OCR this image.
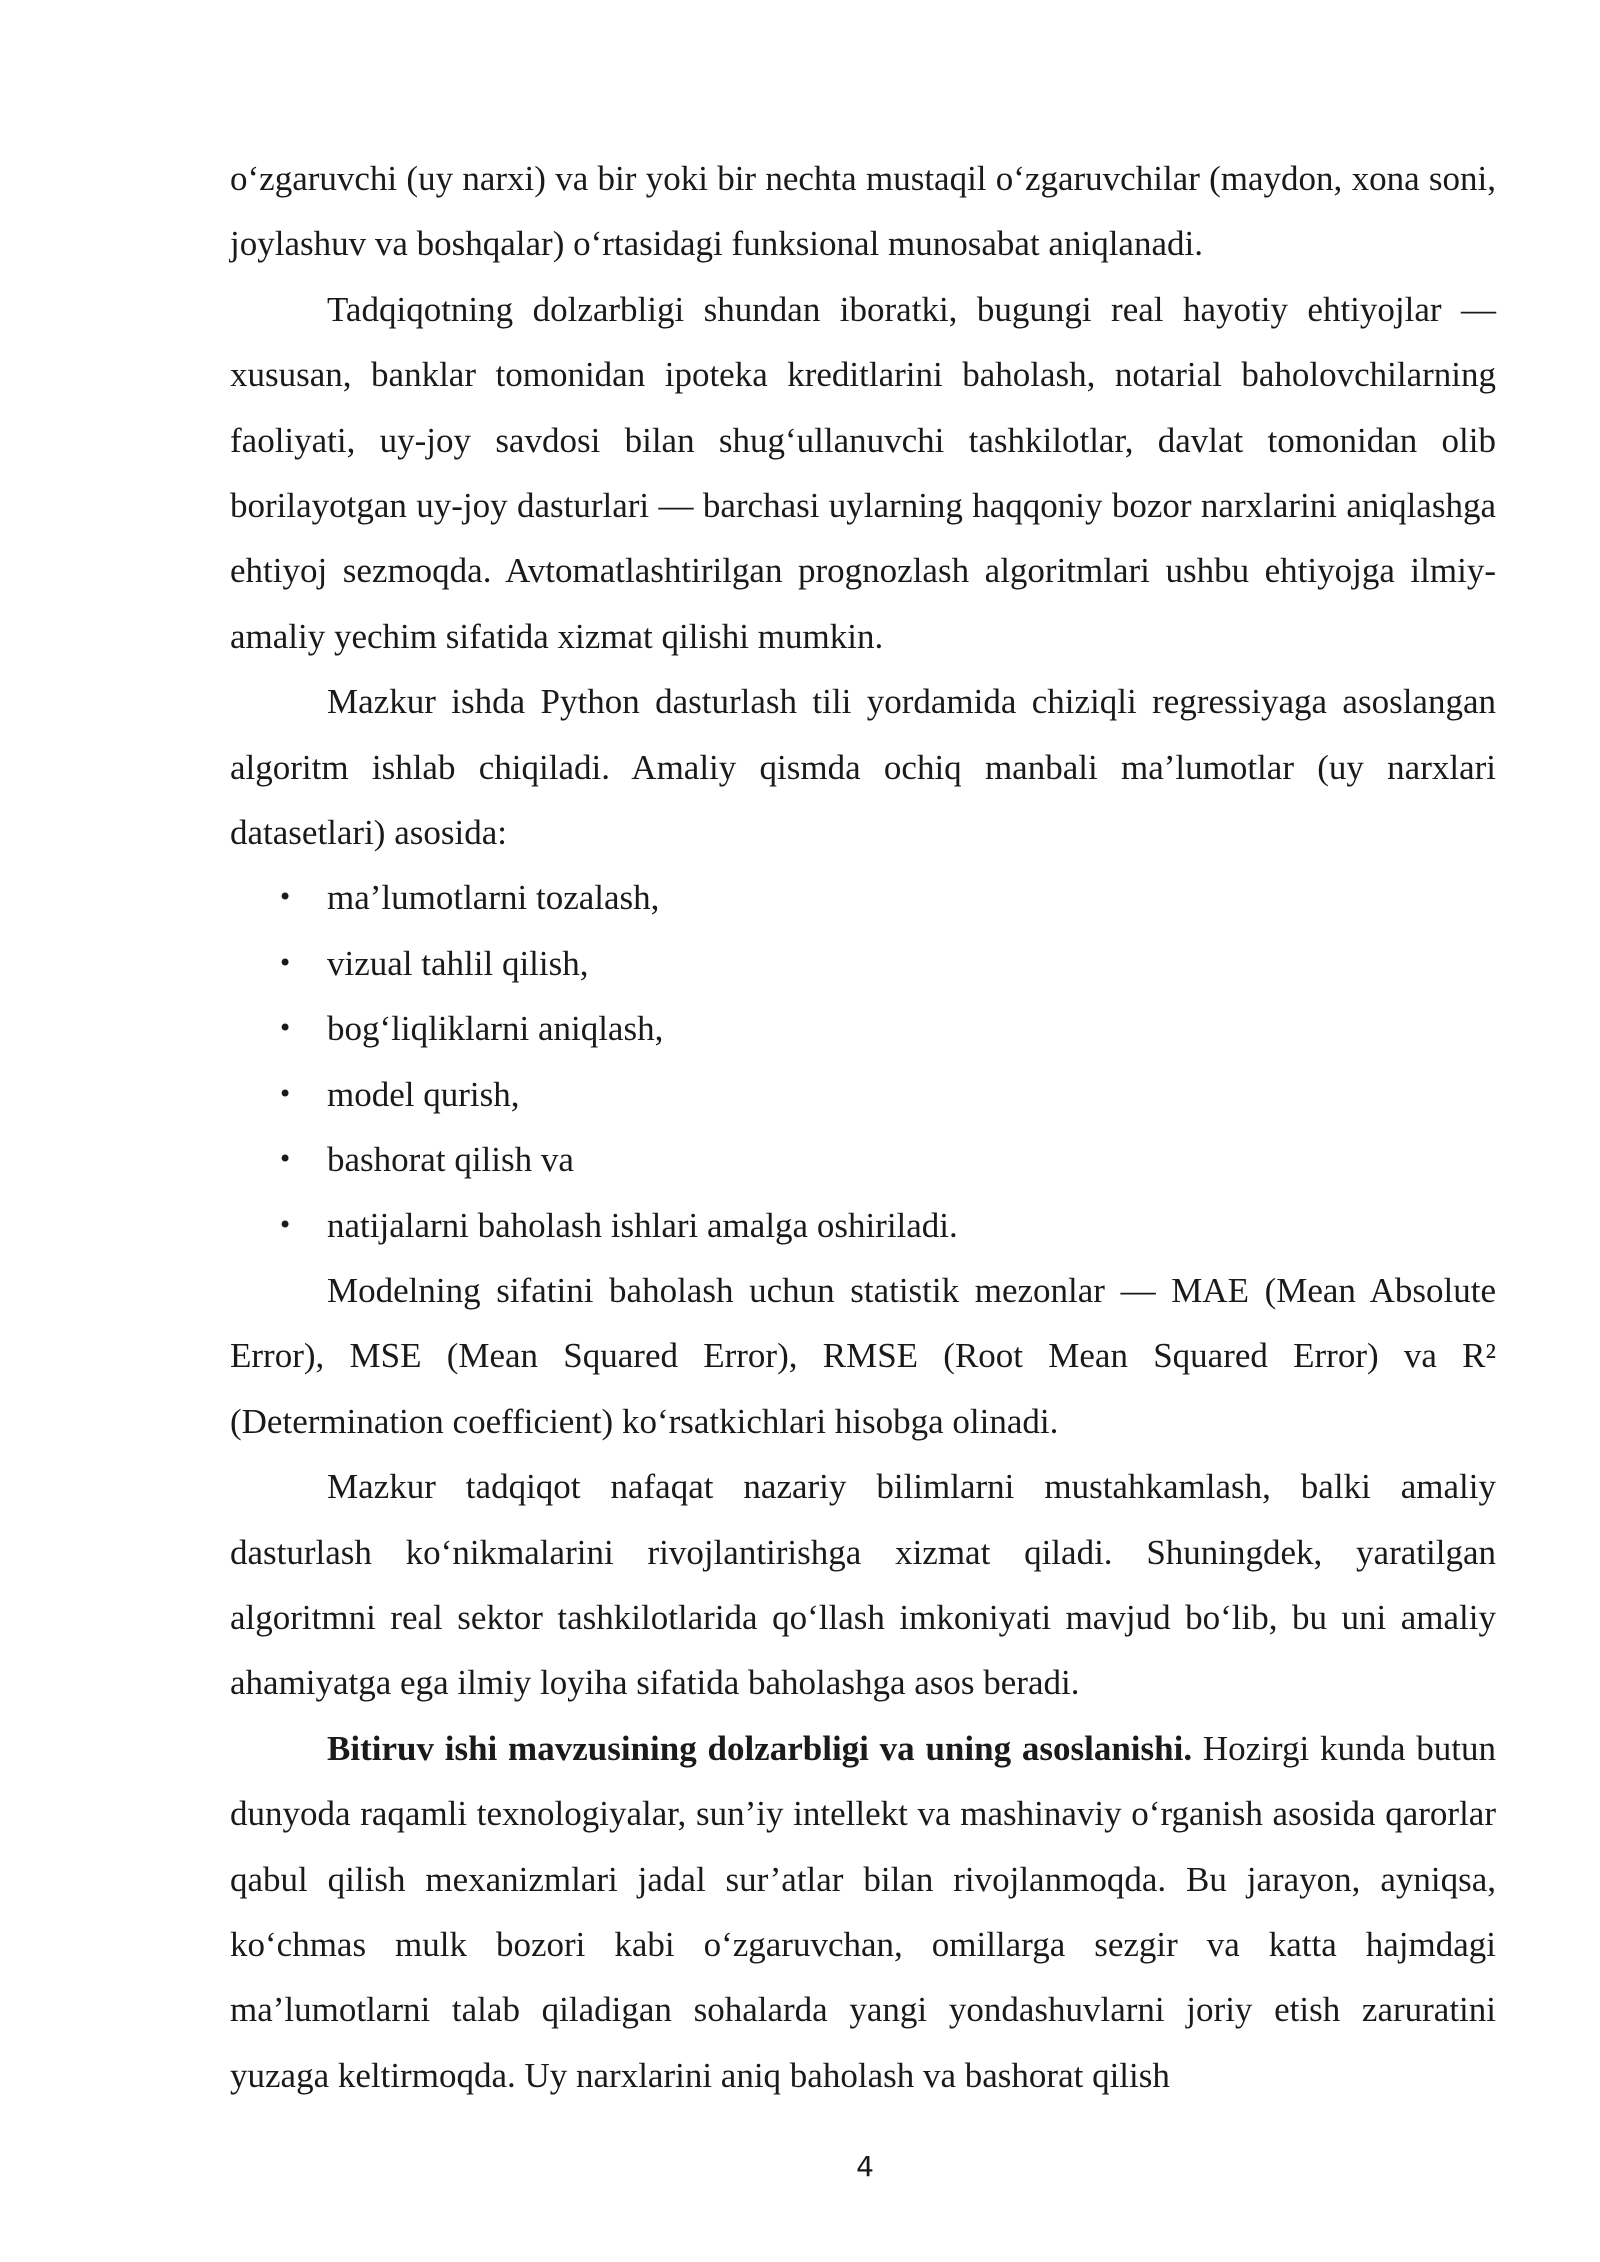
o‘zgaruvchi (uy narxi) va bir yoki bir nechta mustaqil o‘zgaruvchilar (maydon, xona soni, joylashuv va boshqalar) o‘rtasidagi funksional munosabat aniqlanadi.

Tadqiqotning dolzarbligi shundan iboratki, bugungi real hayotiy ehtiyojlar — xususan, banklar tomonidan ipoteka kreditlarini baholash, notarial baholovchilarning faoliyati, uy-joy savdosi bilan shug‘ullanuvchi tashkilotlar, davlat tomonidan olib borilayotgan uy-joy dasturlari — barchasi uylarning haqqoniy bozor narxlarini aniqlashga ehtiyoj sezmoqda. Avtomatlashtirilgan prognozlash algoritmlari ushbu ehtiyojga ilmiy-amaliy yechim sifatida xizmat qilishi mumkin.

Mazkur ishda Python dasturlash tili yordamida chiziqli regressiyaga asoslangan algoritm ishlab chiqiladi. Amaliy qismda ochiq manbali ma’lumotlar (uy narxlari datasetlari) asosida:

• ma’lumotlarni tozalash,
• vizual tahlil qilish,
• bog‘liqliklarni aniqlash,
• model qurish,
• bashorat qilish va
• natijalarni baholash ishlari amalga oshiriladi.

Modelning sifatini baholash uchun statistik mezonlar — MAE (Mean Absolute Error), MSE (Mean Squared Error), RMSE (Root Mean Squared Error) va R² (Determination coefficient) ko‘rsatkichlari hisobga olinadi.

Mazkur tadqiqot nafaqat nazariy bilimlarni mustahkamlash, balki amaliy dasturlash ko‘nikmalarini rivojlantirishga xizmat qiladi. Shuningdek, yaratilgan algoritmni real sektor tashkilotlarida qo‘llash imkoniyati mavjud bo‘lib, bu uni amaliy ahamiyatga ega ilmiy loyiha sifatida baholashga asos beradi.

Bitiruv ishi mavzusining dolzarbligi va uning asoslanishi. Hozirgi kunda butun dunyoda raqamli texnologiyalar, sun’iy intellekt va mashinaviy o‘rganish asosida qarorlar qabul qilish mexanizmlari jadal sur’atlar bilan rivojlanmoqda. Bu jarayon, ayniqsa, ko‘chmas mulk bozori kabi o‘zgaruvchan, omillarga sezgir va katta hajmdagi ma’lumotlarni talab qiladigan sohalarda yangi yondashuvlarni joriy etish zaruratini yuzaga keltirmoqda. Uy narxlarini aniq baholash va bashorat qilish

4
